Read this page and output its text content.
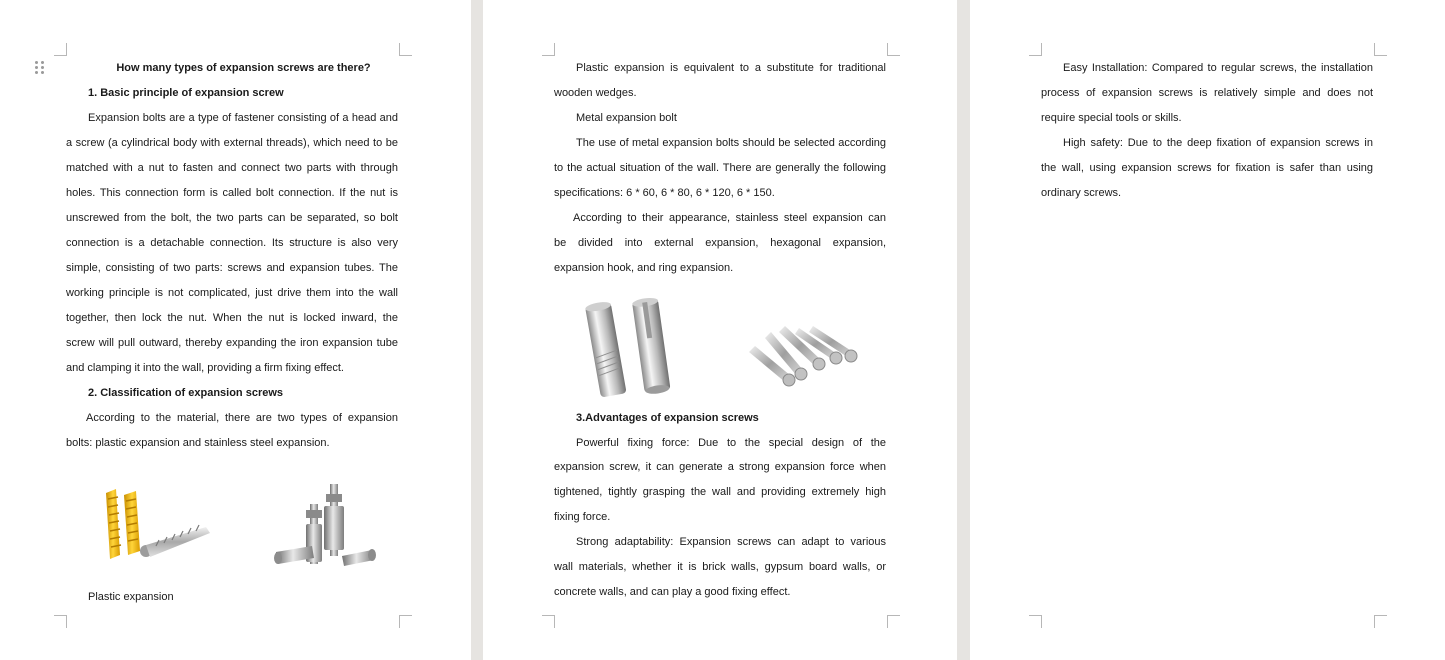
How many types of expansion screws are there?
1. Basic principle of expansion screw
Expansion bolts are a type of fastener consisting of a head and
a screw (a cylindrical body with external threads), which need to be
matched with a nut to fasten and connect two parts with through
holes. This connection form is called bolt connection. If the nut is
unscrewed from the bolt, the two parts can be separated, so bolt
connection is a detachable connection. Its structure is also very
simple, consisting of two parts: screws and expansion tubes. The
working principle is not complicated, just drive them into the wall
together, then lock the nut. When the nut is locked inward, the
screw will pull outward, thereby expanding the iron expansion tube
and clamping it into the wall, providing a firm fixing effect.
2. Classification of expansion screws
According to the material, there are two types of expansion
bolts: plastic expansion and stainless steel expansion.
Plastic expansion
Plastic expansion is equivalent to a substitute for traditional
wooden wedges.
Metal expansion bolt
The use of metal expansion bolts should be selected according
to the actual situation of the wall. There are generally the following
specifications: 6 * 60, 6 * 80, 6 * 120, 6 * 150.
According to their appearance, stainless steel expansion can
be divided into external expansion, hexagonal expansion,
expansion hook, and ring expansion.
3.Advantages of expansion screws
Powerful fixing force: Due to the special design of the
expansion screw, it can generate a strong expansion force when
tightened, tightly grasping the wall and providing extremely high
fixing force.
Strong adaptability: Expansion screws can adapt to various
wall materials, whether it is brick walls, gypsum board walls, or
concrete walls, and can play a good fixing effect.
Easy Installation: Compared to regular screws, the installation
process of expansion screws is relatively simple and does not
require special tools or skills.
High safety: Due to the deep fixation of expansion screws in
the wall, using expansion screws for fixation is safer than using
ordinary screws.
